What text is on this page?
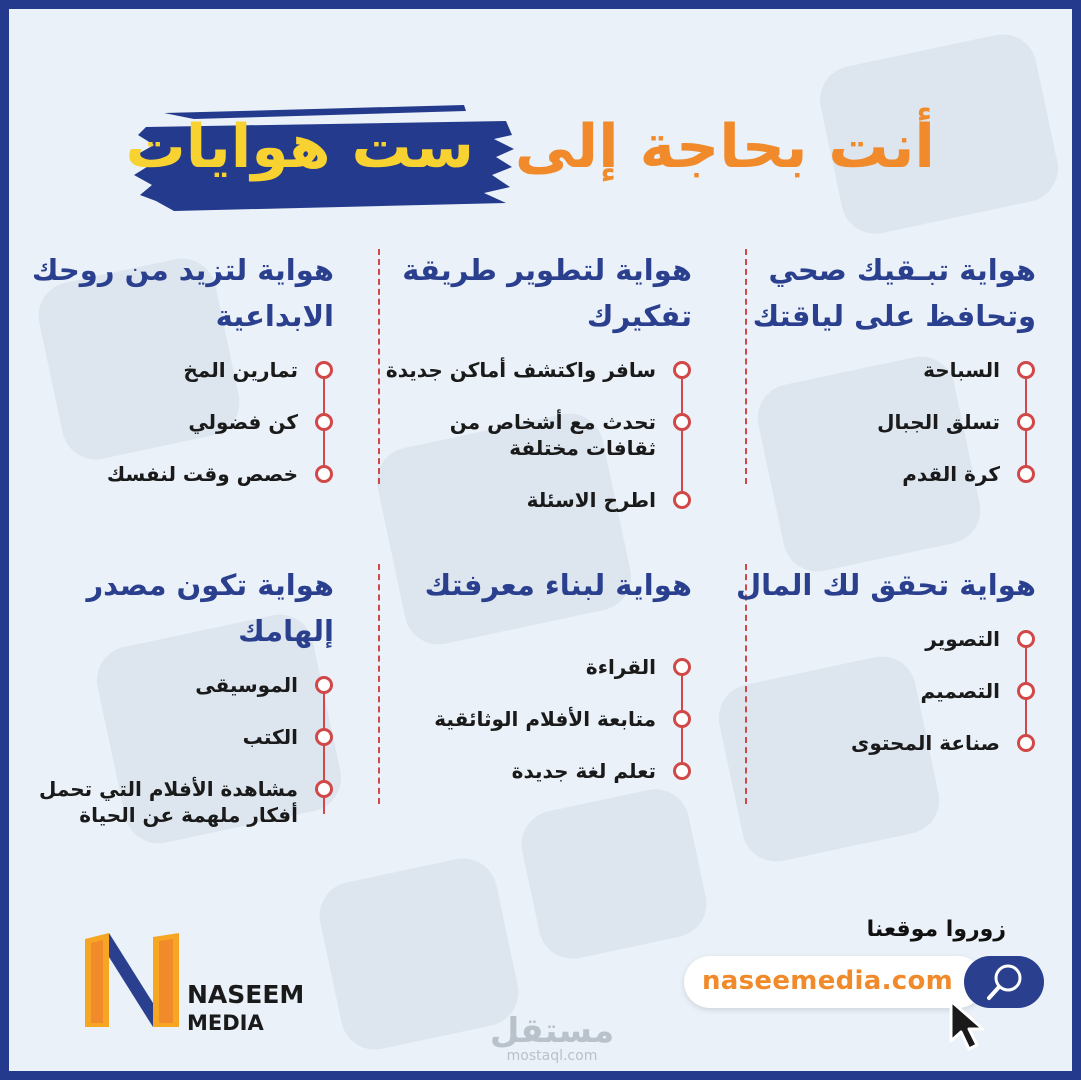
أنت بحاجة إلى ست هوايات
هواية تبـقيك صحي وتحافظ على لياقتك
السباحة
تسلق الجبال
كرة القدم
هواية لتطوير طريقة تفكيرك
سافر واكتشف أماكن جديدة
تحدث مع أشخاص من ثقافات مختلفة
اطرح الاسئلة
هواية لتزيد من روحك الابداعية
تمارين المخ
كن فضولي
خصص وقت لنفسك
هواية تحقق لك المال
التصوير
التصميم
صناعة المحتوى
هواية لبناء معرفتك
القراءة
متابعة الأفلام الوثائقية
تعلم لغة جديدة
هواية تكون مصدر إلهامك
الموسيقى
الكتب
مشاهدة الأفلام التي تحمل أفكار ملهمة عن الحياة
زوروا موقعنا
naseemedia.com
NASEEM
MEDIA	مستقل
mostaql.com
